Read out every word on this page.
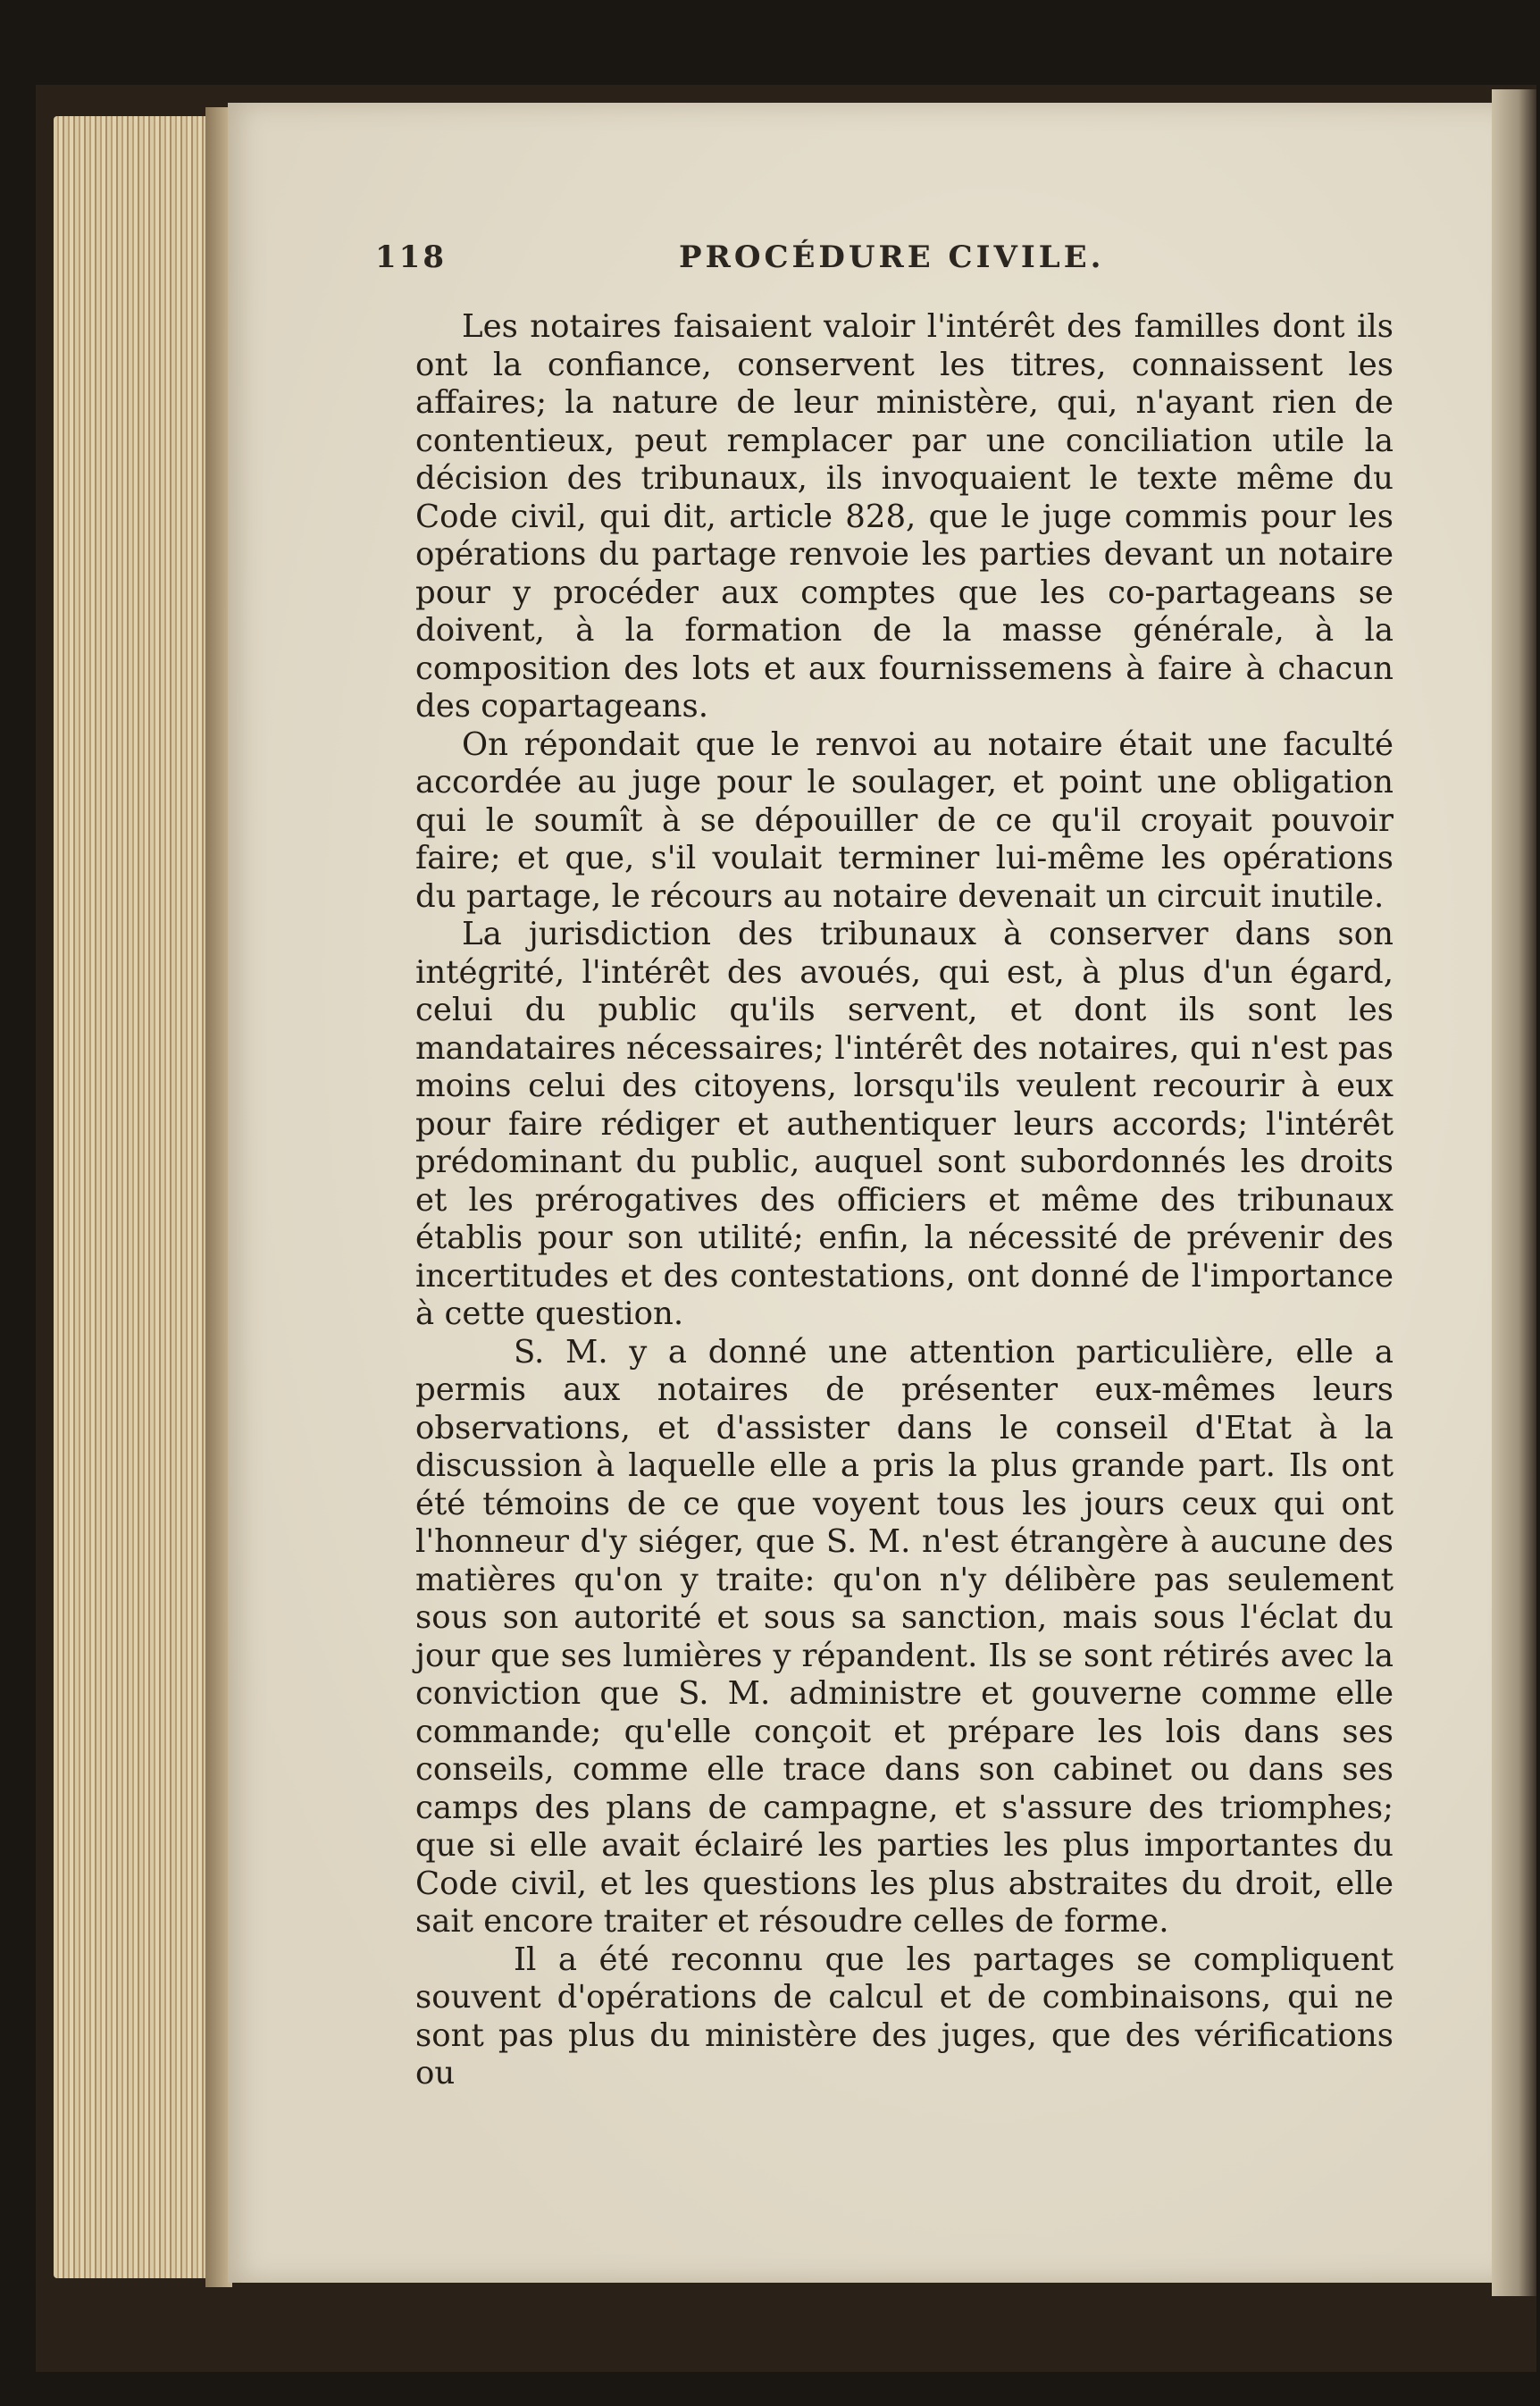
118	PROCÉDURE CIVILE.

Les notaires faisaient valoir l'intérêt des familles dont ils ont la confiance, conservent les titres, connaissent les affaires; la nature de leur ministère, qui, n'ayant rien de contentieux, peut remplacer par une conciliation utile la décision des tribunaux, ils invoquaient le texte même du Code civil, qui dit, article 828, que le juge commis pour les opérations du partage renvoie les parties devant un notaire pour y procéder aux comptes que les co-partageans se doivent, à la formation de la masse générale, à la composition des lots et aux fournissemens à faire à chacun des copartageans.

On répondait que le renvoi au notaire était une faculté accordée au juge pour le soulager, et point une obligation qui le soumît à se dépouiller de ce qu'il croyait pouvoir faire; et que, s'il voulait terminer lui-même les opérations du partage, le récours au notaire devenait un circuit inutile.

La jurisdiction des tribunaux à conserver dans son intégrité, l'intérêt des avoués, qui est, à plus d'un égard, celui du public qu'ils servent, et dont ils sont les mandataires nécessaires; l'intérêt des notaires, qui n'est pas moins celui des citoyens, lorsqu'ils veulent recourir à eux pour faire rédiger et authentiquer leurs accords; l'intérêt prédominant du public, auquel sont subordonnés les droits et les prérogatives des officiers et même des tribunaux établis pour son utilité; enfin, la nécessité de prévenir des incertitudes et des contestations, ont donné de l'importance à cette question.

S. M. y a donné une attention particulière, elle a permis aux notaires de présenter eux-mêmes leurs observations, et d'assister dans le conseil d'Etat à la discussion à laquelle elle a pris la plus grande part. Ils ont été témoins de ce que voyent tous les jours ceux qui ont l'honneur d'y siéger, que S. M. n'est étrangère à aucune des matières qu'on y traite: qu'on n'y délibère pas seulement sous son autorité et sous sa sanction, mais sous l'éclat du jour que ses lumières y répandent. Ils se sont rétirés avec la conviction que S. M. administre et gouverne comme elle commande; qu'elle conçoit et prépare les lois dans ses conseils, comme elle trace dans son cabinet ou dans ses camps des plans de campagne, et s'assure des triomphes; que si elle avait éclairé les parties les plus importantes du Code civil, et les questions les plus abstraites du droit, elle sait encore traiter et résoudre celles de forme.

Il a été reconnu que les partages se compliquent souvent d'opérations de calcul et de combinaisons, qui ne sont pas plus du ministère des juges, que des vérifications ou
